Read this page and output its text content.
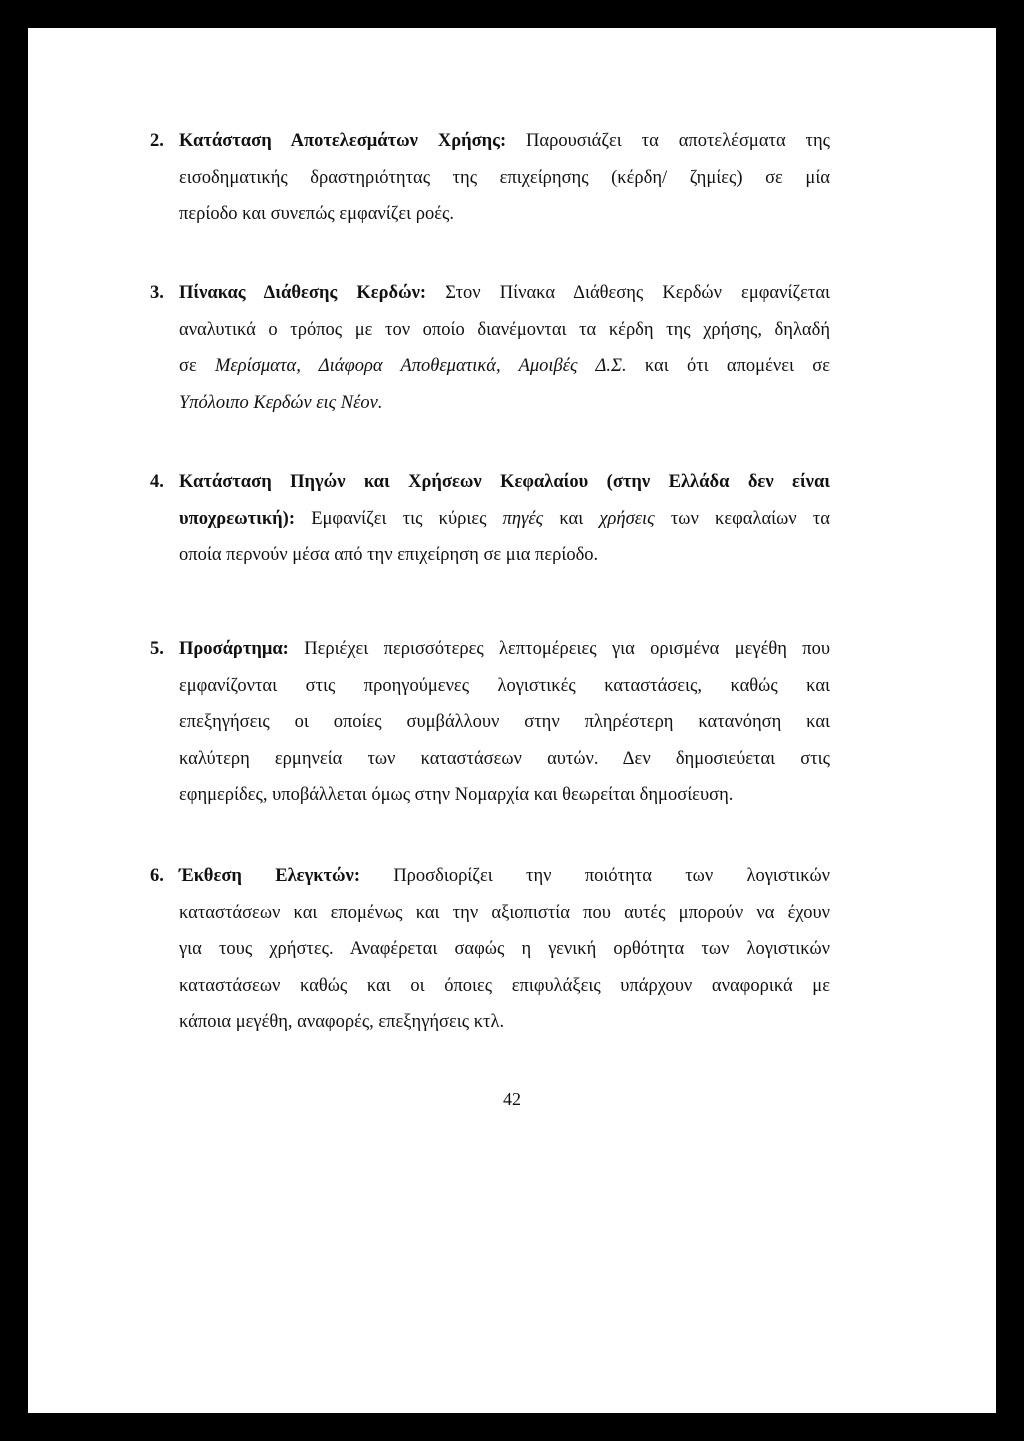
2. Κατάσταση Αποτελεσμάτων Χρήσης: Παρουσιάζει τα αποτελέσματα της
εισοδηματικής δραστηριότητας της επιχείρησης (κέρδη/ ζημίες) σε μία
περίοδο και συνεπώς εμφανίζει ροές.
3. Πίνακας Διάθεσης Κερδών: Στον Πίνακα Διάθεσης Κερδών εμφανίζεται
αναλυτικά ο τρόπος με τον οποίο διανέμονται τα κέρδη της χρήσης, δηλαδή
σε Μερίσματα, Διάφορα Αποθεματικά, Αμοιβές Δ.Σ. και ότι απομένει σε
Υπόλοιπο Κερδών εις Νέον.
4. Κατάσταση Πηγών και Χρήσεων Κεφαλαίου (στην Ελλάδα δεν είναι
υποχρεωτική): Εμφανίζει τις κύριες πηγές και χρήσεις των κεφαλαίων τα
οποία περνούν μέσα από την επιχείρηση σε μια περίοδο.
5. Προσάρτημα: Περιέχει περισσότερες λεπτομέρειες για ορισμένα μεγέθη που
εμφανίζονται στις προηγούμενες λογιστικές καταστάσεις, καθώς και
επεξηγήσεις οι οποίες συμβάλλουν στην πληρέστερη κατανόηση και
καλύτερη ερμηνεία των καταστάσεων αυτών. Δεν δημοσιεύεται στις
εφημερίδες, υποβάλλεται όμως στην Νομαρχία και θεωρείται δημοσίευση.
6. Έκθεση Ελεγκτών: Προσδιορίζει την ποιότητα των λογιστικών
καταστάσεων και επομένως και την αξιοπιστία που αυτές μπορούν να έχουν
για τους χρήστες. Αναφέρεται σαφώς η γενική ορθότητα των λογιστικών
καταστάσεων καθώς και οι όποιες επιφυλάξεις υπάρχουν αναφορικά με
κάποια μεγέθη, αναφορές, επεξηγήσεις κτλ.
42
